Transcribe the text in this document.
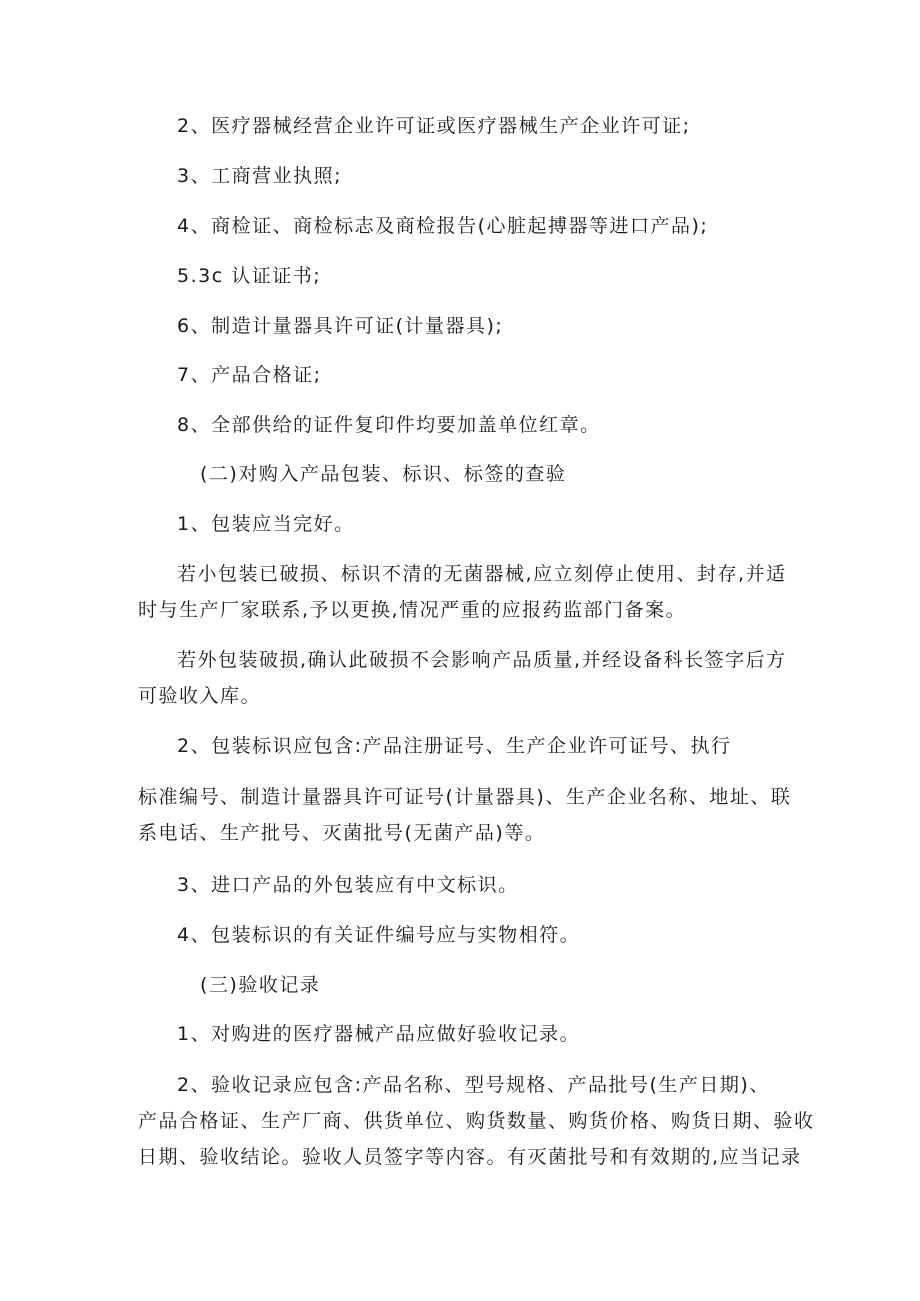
2、医疗器械经营企业许可证或医疗器械生产企业许可证;
3、工商营业执照;
4、商检证、商检标志及商检报告(心脏起搏器等进口产品);
5.3c 认证证书;
6、制造计量器具许可证(计量器具);
7、产品合格证;
8、全部供给的证件复印件均要加盖单位红章。
(二)对购入产品包装、标识、标签的查验
1、包装应当完好。
若小包装已破损、标识不清的无菌器械,应立刻停止使用、封存,并适
时与生产厂家联系,予以更换,情况严重的应报药监部门备案。
若外包装破损,确认此破损不会影响产品质量,并经设备科长签字后方
可验收入库。
2、包装标识应包含:产品注册证号、生产企业许可证号、执行
标准编号、制造计量器具许可证号(计量器具)、生产企业名称、地址、联
系电话、生产批号、灭菌批号(无菌产品)等。
3、进口产品的外包装应有中文标识。
4、包装标识的有关证件编号应与实物相符。
(三)验收记录
1、对购进的医疗器械产品应做好验收记录。
2、验收记录应包含:产品名称、型号规格、产品批号(生产日期)、
产品合格证、生产厂商、供货单位、购货数量、购货价格、购货日期、验收
日期、验收结论。验收人员签字等内容。有灭菌批号和有效期的,应当记录
